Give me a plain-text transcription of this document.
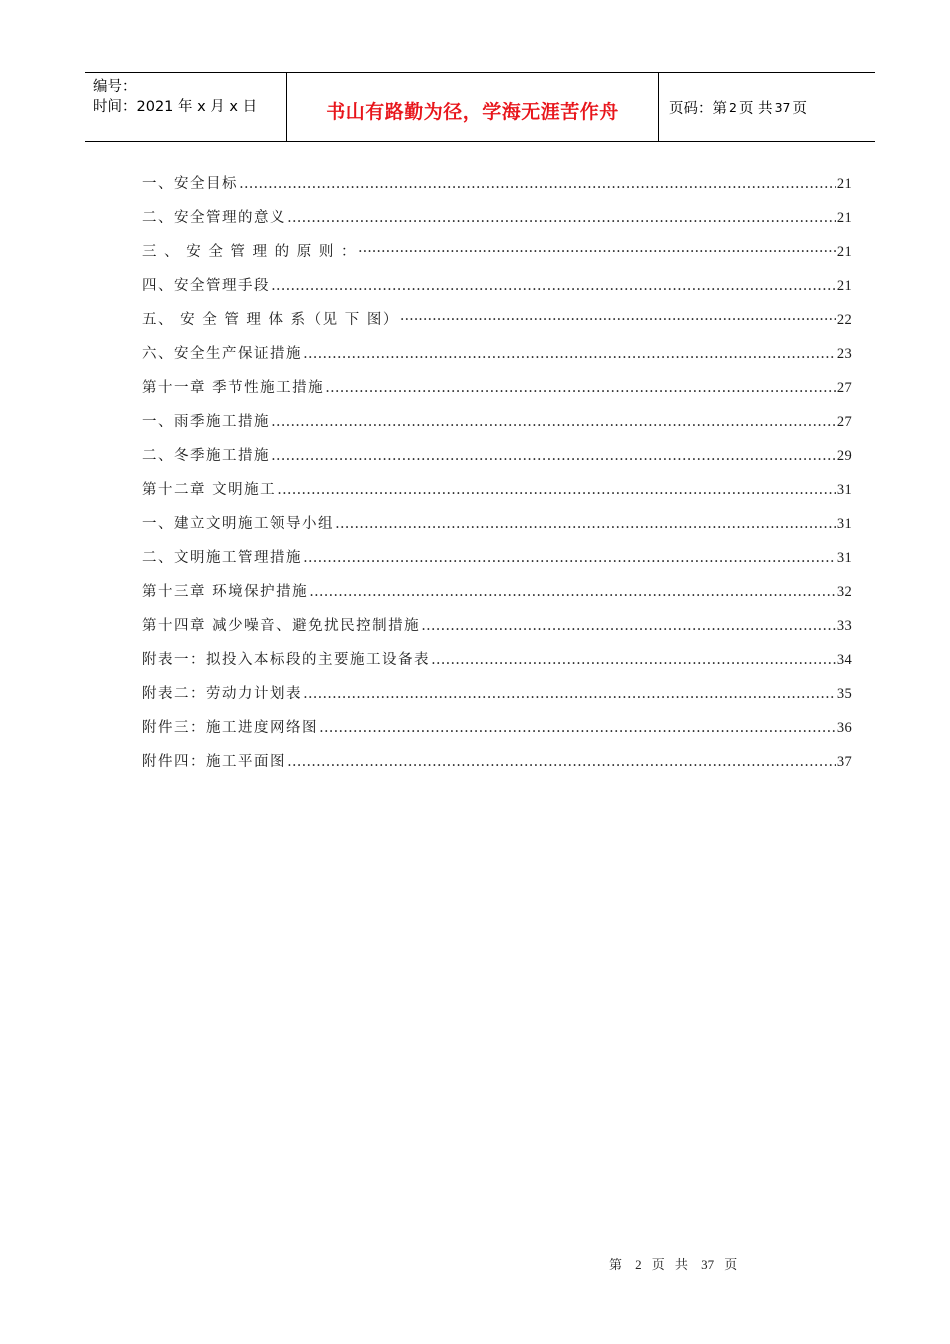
编号：
时间：2021 年 x 月 x 日	书山有路勤为径，学海无涯苦作舟	页码：第 2 页 共 37 页
一、安全目标 …………………………………………………………………………………………………………………………………………………………………………	21
二、安全管理的意义 …………………………………………………………………………………………………………………………………………………………………………	21
三 、 安 全 管 理 的 原 则 ： ·····	21
四、安全管理手段 …………………………………………………………………………………………………………………………………………………………………………	21
五、 安 全 管 理 体 系（见 下 图） ·····	22
六、安全生产保证措施 …………………………………………………………………………………………………………………………………………………………………………	23
第十一章 季节性施工措施 …………………………………………………………………………………………………………………………………………………………………………	27
一、雨季施工措施 …………………………………………………………………………………………………………………………………………………………………………	27
二、冬季施工措施 …………………………………………………………………………………………………………………………………………………………………………	29
第十二章 文明施工 …………………………………………………………………………………………………………………………………………………………………………	31
一、建立文明施工领导小组 …………………………………………………………………………………………………………………………………………………………………………	31
二、文明施工管理措施 …………………………………………………………………………………………………………………………………………………………………………	31
第十三章 环境保护措施 …………………………………………………………………………………………………………………………………………………………………………	32
第十四章 减少噪音、避免扰民控制措施 …………………………………………………………………………………………………………………………………………………………………………	33
附表一：拟投入本标段的主要施工设备表 …………………………………………………………………………………………………………………………………………………………………………	34
附表二：劳动力计划表 …………………………………………………………………………………………………………………………………………………………………………	35
附件三：施工进度网络图 …………………………………………………………………………………………………………………………………………………………………………	36
附件四：施工平面图 …………………………………………………………………………………………………………………………………………………………………………	37
第 2 页 共 37 页
